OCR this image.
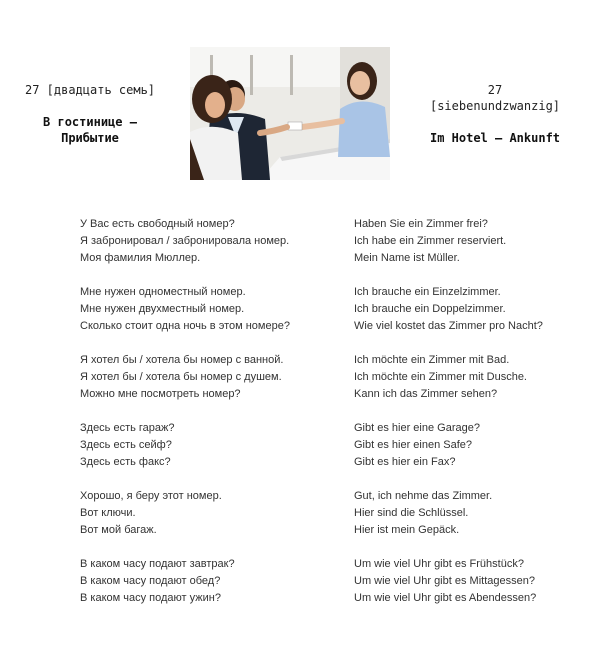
27 [двадцать семь]
В гостинице –
Прибытие
27
[siebenundzwanzig]
Im Hotel – Ankunft
У Вас есть свободный номер?	Haben Sie ein Zimmer frei?
Я забронировал / забронировала номер.	Ich habe ein Zimmer reserviert.
Моя фамилия Мюллер.	Mein Name ist Müller.
Мне нужен одноместный номер.	Ich brauche ein Einzelzimmer.
Мне нужен двухместный номер.	Ich brauche ein Doppelzimmer.
Сколько стоит одна ночь в этом номере?	Wie viel kostet das Zimmer pro Nacht?
Я хотел бы / хотела бы номер с ванной.	Ich möchte ein Zimmer mit Bad.
Я хотел бы / хотела бы номер с душем.	Ich möchte ein Zimmer mit Dusche.
Можно мне посмотреть номер?	Kann ich das Zimmer sehen?
Здесь есть гараж?	Gibt es hier eine Garage?
Здесь есть сейф?	Gibt es hier einen Safe?
Здесь есть факс?	Gibt es hier ein Fax?
Хорошо, я беру этот номер.	Gut, ich nehme das Zimmer.
Вот ключи.	Hier sind die Schlüssel.
Вот мой багаж.	Hier ist mein Gepäck.
В каком часу подают завтрак?	Um wie viel Uhr gibt es Frühstück?
В каком часу подают обед?	Um wie viel Uhr gibt es Mittagessen?
В каком часу подают ужин?	Um wie viel Uhr gibt es Abendessen?
